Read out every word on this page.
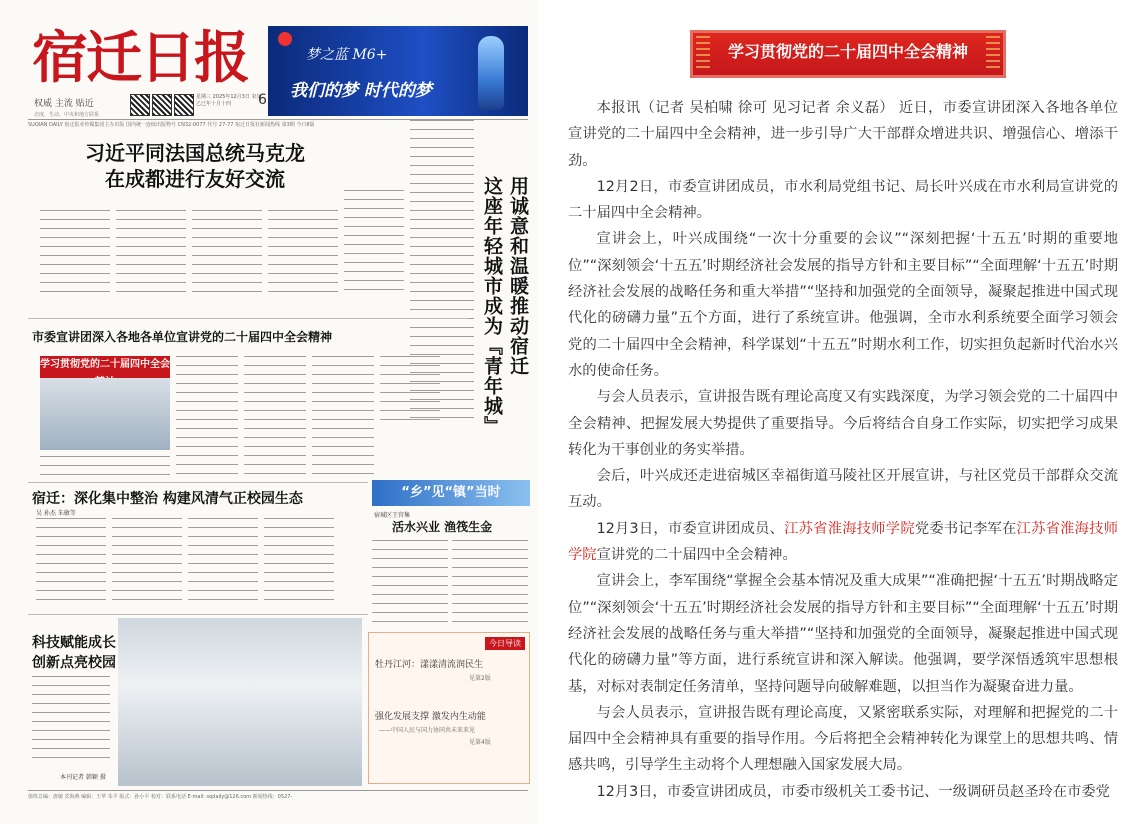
宿迁日报
权威 主流 贴近
态度、生动、中央和地方联系
星期三 2025年12月3日 农历乙巳年十月十四	6
梦之蓝 M6+
我们的梦 时代的梦
SUQIAN DAILY 宿迁报业传媒集团主办出版 国内统一连续出版物号 CN32-0077 代号 27-77 宿迁日报社新闻热线 第3期 今日8版
习近平同法国总统马克龙
在成都进行友好交流	用诚意和温暖推动宿迁
这座年轻城市成为『青年城』
市委宣讲团深入各地各单位宣讲党的二十届四中全会精神
学习贯彻党的二十届四中全会
宿迁：深化集中整治 构建风清气正校园生态
吴 孙杰 朱敏等
“乡”见“镇”当时
宿城区王官集
活水兴业 渔筏生金
科技赋能成长
创新点亮校园
本刊记者 韩颖 摄
今日导读
牡丹江河：漾漾清流润民生
见第2版
强化发展支撑 激发内生动能
——中国人民与国力协同共未来来见
见第4版
值班总编：唐敏 宾海燕 编辑：王华 朱平 版式：孙小平 校对：联系电话 E-mail: sqdaily@126.com 新闻热线：0527-
学习贯彻党的二十届四中全会精神

本报讯（记者 吴柏啸 徐可 见习记者 余义磊） 近日，市委宣讲团深入各地各单位宣讲党的二十届四中全会精神，进一步引导广大干部群众增进共识、增强信心、增添干劲。

12月2日，市委宣讲团成员，市水利局党组书记、局长叶兴成在市水利局宣讲党的二十届四中全会精神。

宣讲会上，叶兴成围绕“一次十分重要的会议”“深刻把握‘十五五’时期的重要地位”“深刻领会‘十五五’时期经济社会发展的指导方针和主要目标”“全面理解‘十五五’时期经济社会发展的战略任务和重大举措”“坚持和加强党的全面领导，凝聚起推进中国式现代化的磅礴力量”五个方面，进行了系统宣讲。他强调，全市水利系统要全面学习领会党的二十届四中全会精神，科学谋划“十五五”时期水利工作，切实担负起新时代治水兴水的使命任务。

与会人员表示，宣讲报告既有理论高度又有实践深度，为学习领会党的二十届四中全会精神、把握发展大势提供了重要指导。今后将结合自身工作实际，切实把学习成果转化为干事创业的务实举措。

会后，叶兴成还走进宿城区幸福街道马陵社区开展宣讲，与社区党员干部群众交流互动。

12月3日，市委宣讲团成员、江苏省淮海技师学院党委书记李军在江苏省淮海技师学院宣讲党的二十届四中全会精神。

宣讲会上，李军围绕“掌握全会基本情况及重大成果”“准确把握‘十五五’时期战略定位”“深刻领会‘十五五’时期经济社会发展的指导方针和主要目标”“全面理解‘十五五’时期经济社会发展的战略任务与重大举措”“坚持和加强党的全面领导，凝聚起推进中国式现代化的磅礴力量”等方面，进行系统宣讲和深入解读。他强调，要学深悟透筑牢思想根基，对标对表制定任务清单，坚持问题导向破解难题，以担当作为凝聚奋进力量。

与会人员表示，宣讲报告既有理论高度，又紧密联系实际，对理解和把握党的二十届四中全会精神具有重要的指导作用。今后将把全会精神转化为课堂上的思想共鸣、情感共鸣，引导学生主动将个人理想融入国家发展大局。

12月3日，市委宣讲团成员，市委市级机关工委书记、一级调研员赵圣玲在市委党
